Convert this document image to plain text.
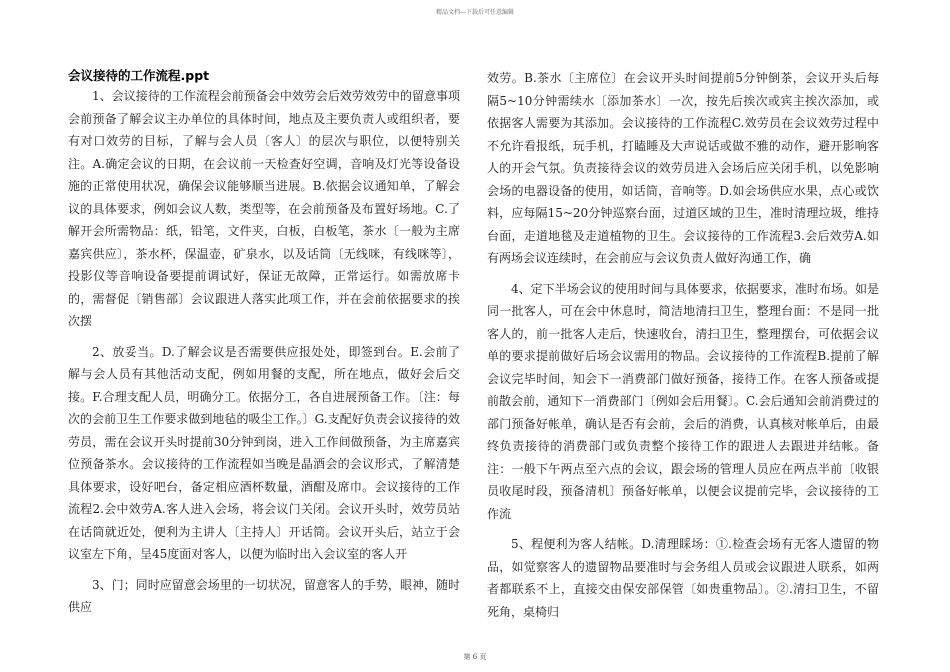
精品文档---下载后可任意编辑
会议接待的工作流程.ppt

1、会议接待的工作流程会前预备会中效劳会后效劳效劳中的留意事项会前预备了解会议主办单位的具体时间，地点及主要负责人或组织者，要有对口效劳的目标，了解与会人员〔客人〕的层次与职位，以便特别关注。A.确定会议的日期，在会议前一天检查好空调，音响及灯光等设备设施的正常使用状况，确保会议能够顺当进展。B.依据会议通知单，了解会议的具体要求，例如会议人数，类型等，在会前预备及布置好场地。C.了解开会所需物品：纸，铅笔，文件夹，白板，白板笔，茶水〔一般为主席嘉宾供应〕，茶水杯，保温壶，矿泉水，以及话筒〔无线咪，有线咪等〕，投影仪等音响设备要提前调试好，保证无故障，正常运行。如需放席卡的，需督促〔销售部〕会议跟进人落实此项工作，并在会前依据要求的挨次摆

2、放妥当。D.了解会议是否需要供应报处处，即签到台。E.会前了解与会人员有其他活动支配，例如用餐的支配，所在地点，做好会后交接。F.合理支配人员，明确分工。依据分工，各自进展预备工作。〔注：每次的会前卫生工作要求做到地毡的吸尘工作。〕G.支配好负责会议接待的效劳员，需在会议开头时提前30分钟到岗，进入工作间做预备，为主席嘉宾位预备茶水。会议接待的工作流程如当晚是晶酒会的会议形式，了解清楚具体要求，设好吧台，备定相应酒杯数量，酒酣及席巾。会议接待的工作流程2.会中效劳A.客人进入会场，将会议门关闭。会议开头时，效劳员站在话筒就近处，便利为主讲人〔主持人〕开话筒。会议开头后，站立于会议室左下角，呈45度面对客人，以便为临时出入会议室的客人开

3、门；同时应留意会场里的一切状况，留意客人的手势，眼神，随时供应

效劳。B.茶水〔主席位〕在会议开头时间提前5分钟倒茶，会议开头后每隔5~10分钟需续水〔添加茶水〕一次，按先后挨次或宾主挨次添加，或依据客人需要为其添加。会议接待的工作流程C.效劳员在会议效劳过程中不允许看报纸，玩手机，打瞌睡及大声说话或做不雅的动作，避开影响客人的开会气氛。负责接待会议的效劳员进入会场后应关闭手机，以免影响会场的电器设备的使用，如话筒，音响等。D.如会场供应水果，点心或饮料，应每隔15~20分钟巡察台面，过道区域的卫生，准时清理垃圾，维持台面，走道地毯及走道植物的卫生。会议接待的工作流程3.会后效劳A.如有两场会议连续时，在会前应与会议负责人做好沟通工作，确

4、定下半场会议的使用时间与具体要求，依据要求，准时布场。如是同一批客人，可在会中休息时，简洁地清扫卫生，整理台面：不是同一批客人的，前一批客人走后，快速收台，清扫卫生，整理摆台，可依据会议单的要求提前做好后场会议需用的物品。会议接待的工作流程B.提前了解会议完毕时间，知会下一消费部门做好预备，接待工作。在客人预备或提前散会前，通知下一消费部门〔例如会后用餐〕。C.会后通知会前消费过的部门预备好帐单，确认是否有会前，会后的消费，认真核对帐单后，由最终负责接待的消费部门或负责整个接待工作的跟进人去跟进并结帐。备注：一般下午两点至六点的会议，跟会场的管理人员应在两点半前〔收银员收尾时段，预备清机〕预备好帐单，以便会议提前完毕，会议接待的工作流

5、程便利为客人结帐。D.清理睬场：①.检查会场有无客人遗留的物品，如觉察客人的遗留物品要准时与会务组人员或会议跟进人联系，如两者都联系不上，直接交由保安部保管〔如贵重物品〕。②.清扫卫生，不留死角，桌椅归

第 6 页
